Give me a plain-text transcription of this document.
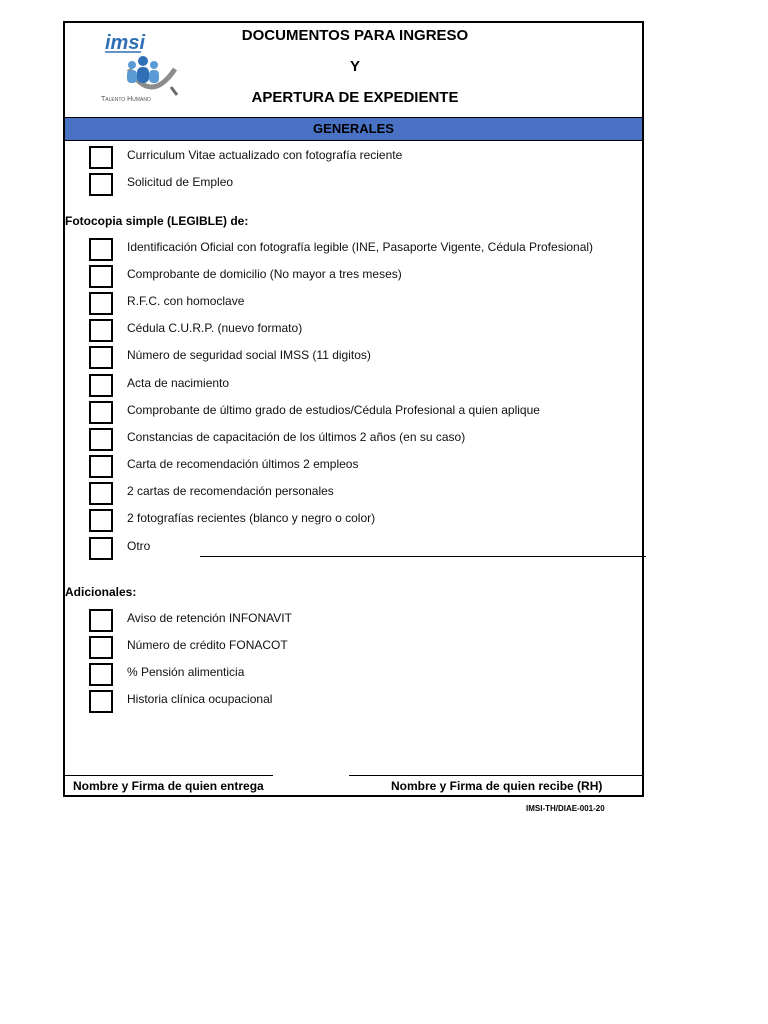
imsi
TALENTO HUMANO
DOCUMENTOS PARA INGRESO
Y
APERTURA DE EXPEDIENTE
GENERALES
Curriculum Vitae actualizado con fotografía reciente
Solicitud de Empleo
Fotocopia simple (LEGIBLE) de:
Identificación Oficial con fotografía legible (INE, Pasaporte Vigente, Cédula Profesional)
Comprobante de domicilio (No mayor a tres meses)
R.F.C. con homoclave
Cédula C.U.R.P. (nuevo formato)
Número de seguridad social IMSS (11 digitos)
Acta de nacimiento
Comprobante de último grado de estudios/Cédula Profesional a quien aplique
Constancias de capacitación de los últimos 2 años (en su caso)
Carta de recomendación últimos 2 empleos
2 cartas de recomendación personales
2 fotografías recientes (blanco y negro o color)
Otro
Adicionales:
Aviso de retención INFONAVIT
Número de crédito FONACOT
% Pensión alimenticia
Historia clínica ocupacional
Nombre y Firma de quien entrega	Nombre y Firma de quien recibe (RH)
IMSI-TH/DIAE-001-20
